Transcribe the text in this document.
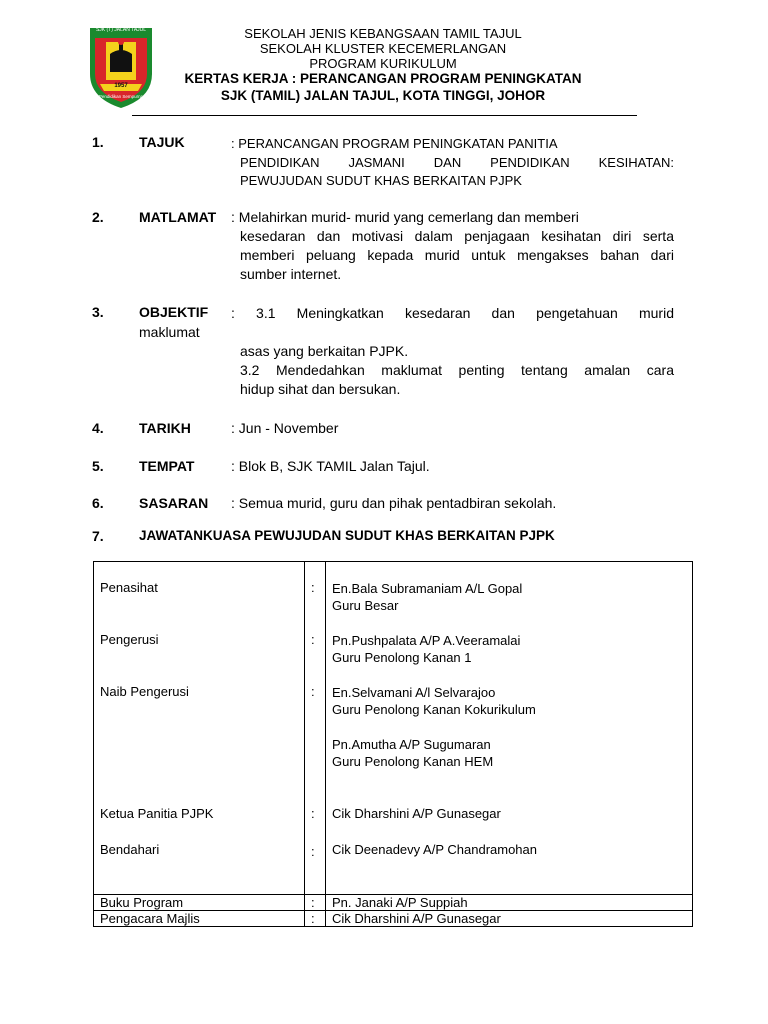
SJK (T) JALAN TAJUL
1957
Pendidikan Sempurna
SEKOLAH JENIS KEBANGSAAN TAMIL TAJUL
SEKOLAH KLUSTER KECEMERLANGAN
PROGRAM KURIKULUM
KERTAS KERJA : PERANCANGAN PROGRAM PENINGKATAN
SJK (TAMIL) JALAN TAJUL, KOTA TINGGI, JOHOR
1.	TAJUK	: PERANCANGAN PROGRAM PENINGKATAN PANITIA
PENDIDIKAN JASMANI DAN PENDIDIKAN KESIHATAN:
PEWUJUDAN SUDUT KHAS BERKAITAN PJPK
2.	MATLAMAT : Melahirkan murid- murid yang cemerlang dan memberi
kesedaran dan motivasi dalam penjagaan kesihatan diri serta
memberi peluang kepada murid untuk mengakses bahan dari
sumber internet.
3.	OBJEKTIF : 3.1 Meningkatkan kesedaran dan pengetahuan murid
maklumat
asas yang berkaitan PJPK.
3.2 Mendedahkan maklumat penting tentang amalan cara
hidup sihat dan bersukan.
4.	TARIKH	: Jun - November
5.	TEMPAT	: Blok B, SJK TAMIL Jalan Tajul.
6.	SASARAN : Semua murid, guru dan pihak pentadbiran sekolah.
7.	JAWATANKUASA PEWUJUDAN SUDUT KHAS BERKAITAN PJPK
Penasihat	:	En.Bala Subramaniam A/L Gopal
Guru Besar

Pengerusi	:	Pn.Pushpalata A/P A.Veeramalai
Guru Penolong Kanan 1

Naib Pengerusi	:	En.Selvamani A/l Selvarajoo
Guru Penolong Kanan Kokurikulum
Pn.Amutha A/P Sugumaran
Guru Penolong Kanan HEM

Ketua Panitia PJPK	:	Cik Dharshini A/P Gunasegar

Bendahari	:	Cik Deenadevy A/P Chandramohan

Buku Program	:	Pn. Janaki A/P Suppiah

Pengacara Majlis	:	Cik Dharshini A/P Gunasegar
